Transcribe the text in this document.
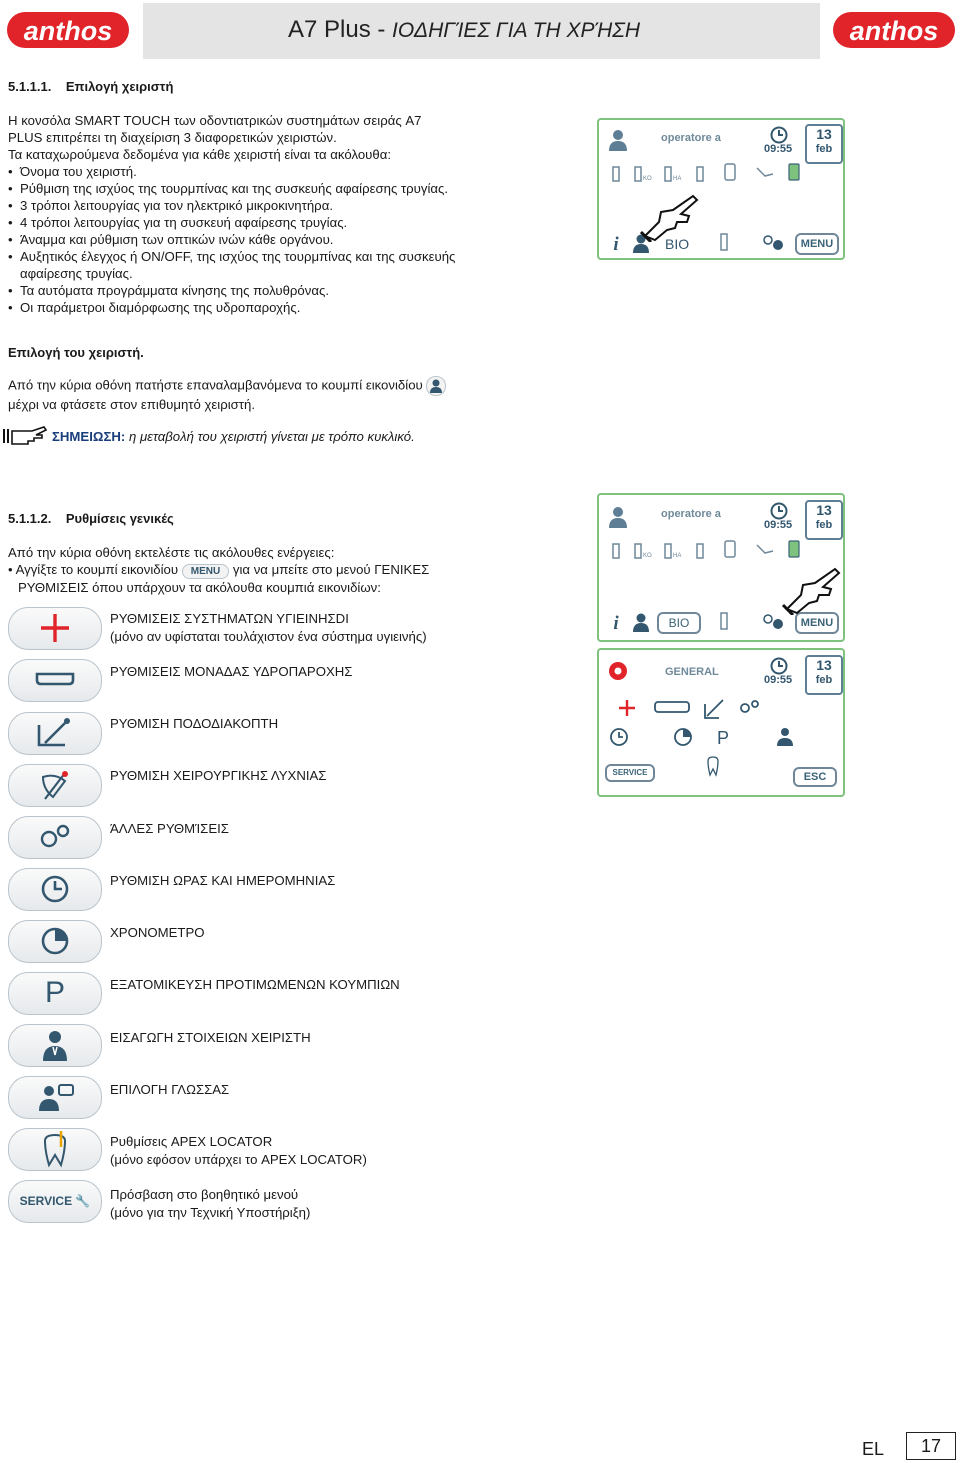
anthos	A7 Plus - ΙΟΔΗΓΊΕΣ ΓΙΑ ΤΗ ΧΡΉΣΗ	anthos
5.1.1.1. Επιλογή χειριστή

Η κονσόλα SMART TOUCH των οδοντιατρικών συστημάτων σειράς A7

PLUS επιτρέπει τη διαχείριση 3 διαφορετικών χειριστών.

Τα καταχωρούμενα δεδομένα για κάθε χειριστή είναι τα ακόλουθα:

• Όνομα του χειριστή.
• Ρύθμιση της ισχύος της τουρμπίνας και της συσκευής αφαίρεσης τρυγίας.
• 3 τρόποι λειτουργίας για τον ηλεκτρικό μικροκινητήρα.
• 4 τρόποι λειτουργίας για τη συσκευή αφαίρεσης τρυγίας.
• Άναμμα και ρύθμιση των οπτικών ινών κάθε οργάνου.
• Αυξητικός έλεγχος ή ON/OFF, της ισχύος της τουρμπίνας και της συσκευής
αφαίρεσης τρυγίας.
• Τα αυτόματα προγράμματα κίνησης της πολυθρόνας.
• Οι παράμετροι διαμόρφωσης της υδροπαροχής.
operatore a
09:55
13
feb
KO	HA
i	BIO	MENU
Επιλογή του χειριστή.

Από την κύρια οθόνη πατήστε επαναλαμβανόμενα το κουμπί εικονιδίου

μέχρι να φτάσετε στον επιθυμητό χειριστή.

ΣΗΜΕΙΩΣΗ: η μεταβολή του χειριστή γίνεται με τρόπο κυκλικό.
5.1.1.2. Ρυθμίσεις γενικές

Από την κύρια οθόνη εκτελέστε τις ακόλουθες ενέργειες:

• Αγγίξτε το κουμπί εικονιδίου MENU για να μπείτε στο μενού ΓΕΝΙΚΕΣ

ΡΥΘΜΙΣΕΙΣ όπου υπάρχουν τα ακόλουθα κουμπιά εικονιδίων:

operatore a
09:55
13
feb
KO	HA
i	BIO	MENU
GENERAL
09:55
13
feb
P
SERVICE	ESC
ΡΥΘΜΙΣΕΙΣ ΣΥΣΤΗΜΑΤΩΝ ΥΓΙΕΙΝΗΣDI
(μόνο αν υφίσταται τουλάχιστον ένα σύστημα υγιεινής)
ΡΥΘΜΙΣΕΙΣ ΜΟΝΑΔΑΣ ΥΔΡΟΠΑΡΟΧΗΣ
ΡΥΘΜΙΣΗ ΠΟΔΟΔΙΑΚΟΠΤΗ
ΡΥΘΜΙΣΗ ΧΕΙΡΟΥΡΓΙΚΗΣ ΛΥΧΝΙΑΣ
ΆΛΛΕΣ ΡΥΘΜΊΣΕΙΣ
ΡΥΘΜΙΣΗ ΩΡΑΣ ΚΑΙ ΗΜΕΡΟΜΗΝΙΑΣ
ΧΡΟΝΟΜΕΤΡΟ
P	ΕΞΑΤΟΜΙΚΕΥΣΗ ΠΡΟΤΙΜΩΜΕΝΩΝ ΚΟΥΜΠΙΩΝ
ΕΙΣΑΓΩΓΗ ΣΤΟΙΧΕΙΩΝ ΧΕΙΡΙΣΤΗ
ΕΠΙΛΟΓΗ ΓΛΩΣΣΑΣ
Ρυθμίσεις APEX LOCATOR
(μόνο εφόσον υπάρχει το APEX LOCATOR)
SERVICE 🔧	Πρόσβαση στο βοηθητικό μενού
(μόνο για την Τεχνική Υποστήριξη)
EL	17
